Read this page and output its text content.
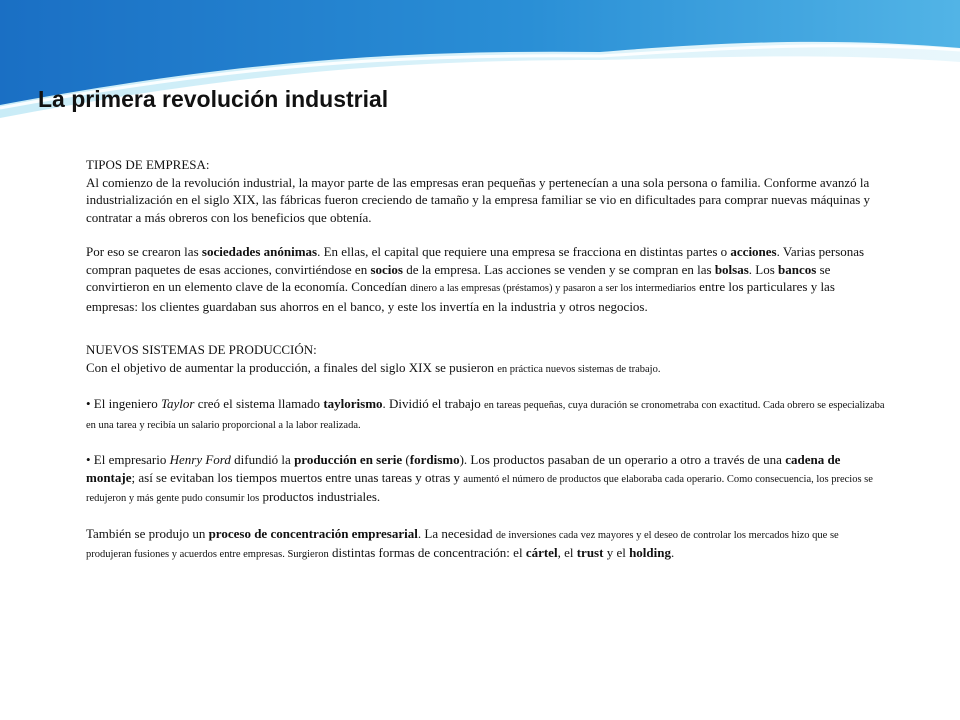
La primera revolución industrial

TIPOS DE EMPRESA:

Al comienzo de la revolución industrial, la mayor parte de las empresas eran pequeñas y pertenecían a una sola persona o familia. Conforme avanzó la industrialización en el siglo XIX, las fábricas fueron creciendo de tamaño y la empresa familiar se vio en dificultades para comprar nuevas máquinas y contratar a más obreros con los beneficios que obtenía.

Por eso se crearon las sociedades anónimas. En ellas, el capital que requiere una empresa se fracciona en distintas partes o acciones. Varias personas compran paquetes de esas acciones, convirtiéndose en socios de la empresa. Las acciones se venden y se compran en las bolsas. Los bancos se convirtieron en un elemento clave de la economía. Concedían dinero a las empresas (préstamos) y pasaron a ser los intermediarios entre los particulares y las empresas: los clientes guardaban sus ahorros en el banco, y este los invertía en la industria y otros negocios.

NUEVOS SISTEMAS DE PRODUCCIÓN:

Con el objetivo de aumentar la producción, a finales del siglo XIX se pusieron en práctica nuevos sistemas de trabajo.

• El ingeniero Taylor creó el sistema llamado taylorismo. Dividió el trabajo en tareas pequeñas, cuya duración se cronometraba con exactitud. Cada obrero se especializaba en una tarea y recibía un salario proporcional a la labor realizada.

• El empresario Henry Ford difundió la producción en serie (fordismo). Los productos pasaban de un operario a otro a través de una cadena de montaje; así se evitaban los tiempos muertos entre unas tareas y otras y aumentó el número de productos que elaboraba cada operario. Como consecuencia, los precios se redujeron y más gente pudo consumir los productos industriales.

También se produjo un proceso de concentración empresarial. La necesidad de inversiones cada vez mayores y el deseo de controlar los mercados hizo que se produjeran fusiones y acuerdos entre empresas. Surgieron distintas formas de concentración: el cártel, el trust y el holding.
